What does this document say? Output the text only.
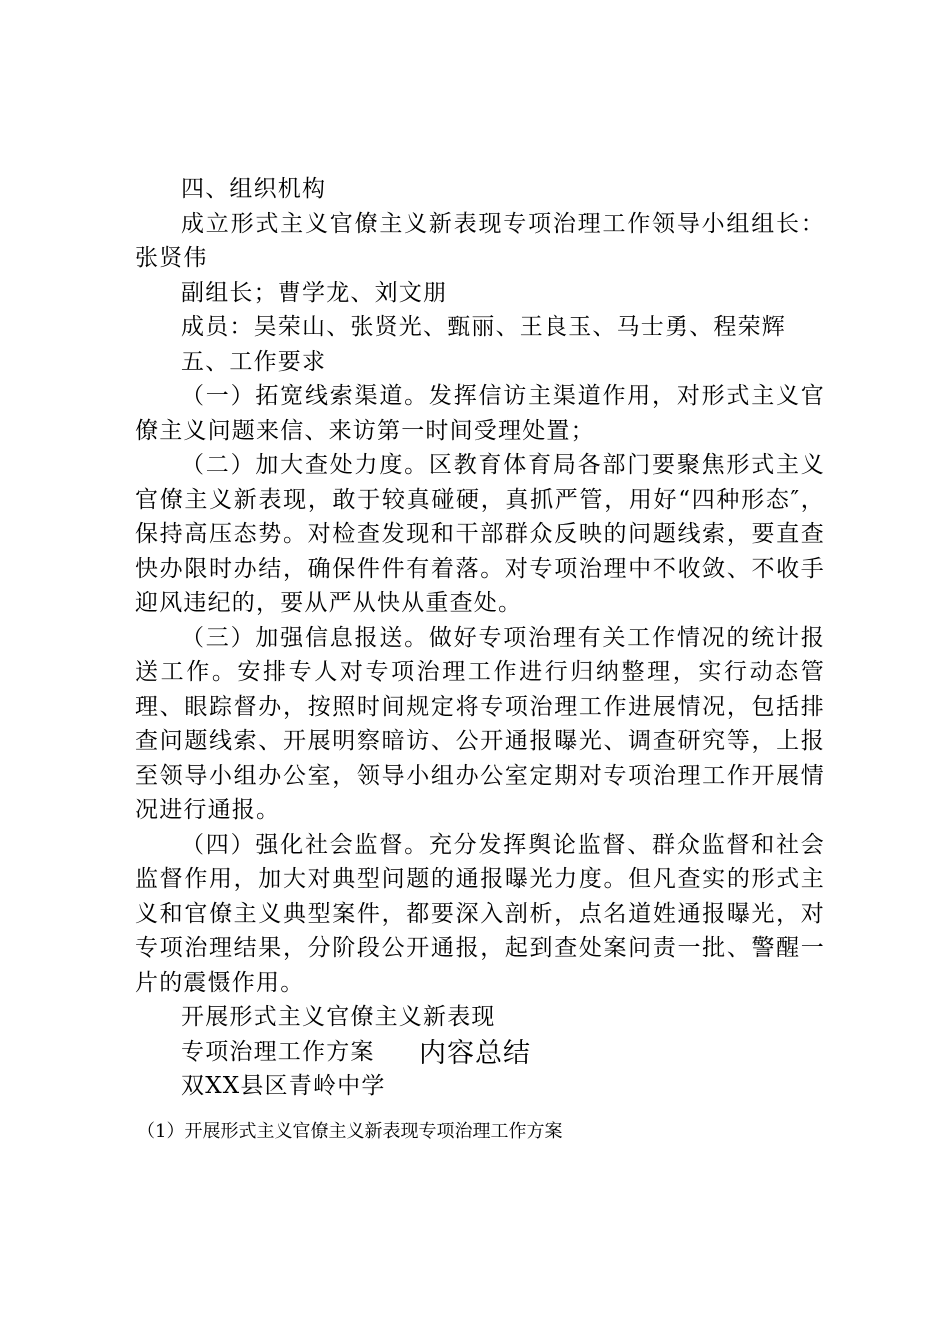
四、组织机构

成立形式主义官僚主义新表现专项治理工作领导小组组长：张贤伟

副组长；曹学龙、刘文朋

成员：吴荣山、张贤光、甄丽、王良玉、马士勇、程荣辉

五、工作要求

（一）拓宽线索渠道。发挥信访主渠道作用，对形式主义官僚主义问题来信、来访第一时间受理处置；

（二）加大查处力度。区教育体育局各部门要聚焦形式主义官僚主义新表现，敢于较真碰硬，真抓严管，用好“四种形态″，保持高压态势。对检查发现和干部群众反映的问题线索，要直查快办限时办结，确保件件有着落。对专项治理中不收敛、不收手迎风违纪的，要从严从快从重查处。

（三）加强信息报送。做好专项治理有关工作情况的统计报送工作。安排专人对专项治理工作进行归纳整理，实行动态管理、眼踪督办，按照时间规定将专项治理工作进展情况，包括排查问题线索、开展明察暗访、公开通报曝光、调查研究等，上报至领导小组办公室，领导小组办公室定期对专项治理工作开展情况进行通报。

（四）强化社会监督。充分发挥舆论监督、群众监督和社会监督作用，加大对典型问题的通报曝光力度。但凡查实的形式主义和官僚主义典型案件，都要深入剖析，点名道姓通报曝光，对专项治理结果，分阶段公开通报，起到查处案问责一批、警醒一片的震慑作用。

开展形式主义官僚主义新表现

专项治理工作方案

双XX县区青岭中学

内容总结
（1）开展形式主义官僚主义新表现专项治理工作方案
